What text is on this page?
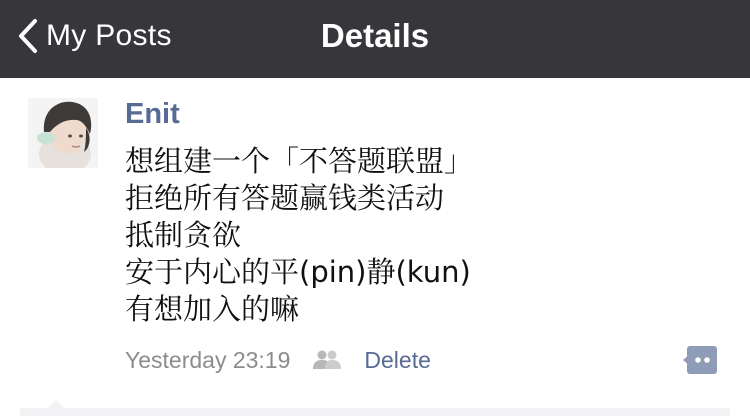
My Posts	Details
Enit
想组建一个「不答题联盟」
拒绝所有答题赢钱类活动
抵制贪欲
安于内心的平(pin)静(kun)
有想加入的嘛
Yesterday 23:19	Delete
